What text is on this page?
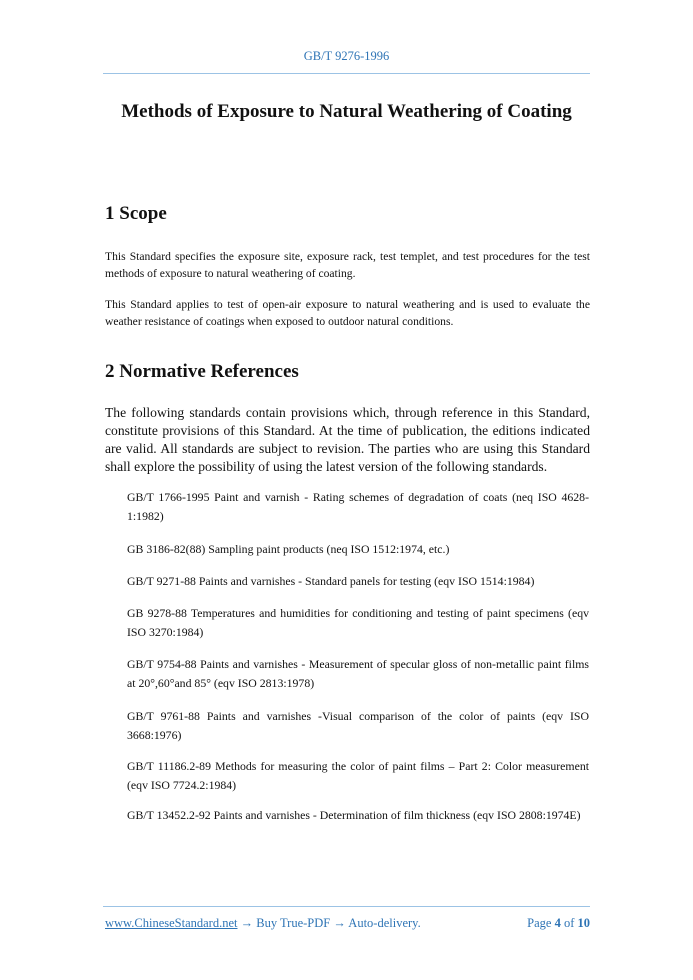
GB/T 9276-1996
Methods of Exposure to Natural Weathering of Coating
1 Scope

This Standard specifies the exposure site, exposure rack, test templet, and test procedures for the test methods of exposure to natural weathering of coating.

This Standard applies to test of open-air exposure to natural weathering and is used to evaluate the weather resistance of coatings when exposed to outdoor natural conditions.

2 Normative References

The following standards contain provisions which, through reference in this Standard, constitute provisions of this Standard. At the time of publication, the editions indicated are valid. All standards are subject to revision. The parties who are using this Standard shall explore the possibility of using the latest version of the following standards.

GB/T 1766-1995 Paint and varnish - Rating schemes of degradation of coats (neq ISO 4628-1:1982)

GB 3186-82(88) Sampling paint products (neq ISO 1512:1974, etc.)

GB/T 9271-88 Paints and varnishes - Standard panels for testing (eqv ISO 1514:1984)

GB 9278-88 Temperatures and humidities for conditioning and testing of paint specimens (eqv ISO 3270:1984)

GB/T 9754-88 Paints and varnishes - Measurement of specular gloss of non-metallic paint films at 20°,60°and 85° (eqv ISO 2813:1978)

GB/T 9761-88 Paints and varnishes -Visual comparison of the color of paints (eqv ISO 3668:1976)

GB/T 11186.2-89 Methods for measuring the color of paint films – Part 2: Color measurement (eqv ISO 7724.2:1984)

GB/T 13452.2-92 Paints and varnishes - Determination of film thickness (eqv ISO 2808:1974E)

www.ChineseStandard.net → Buy True-PDF → Auto-delivery.	Page 4 of 10
